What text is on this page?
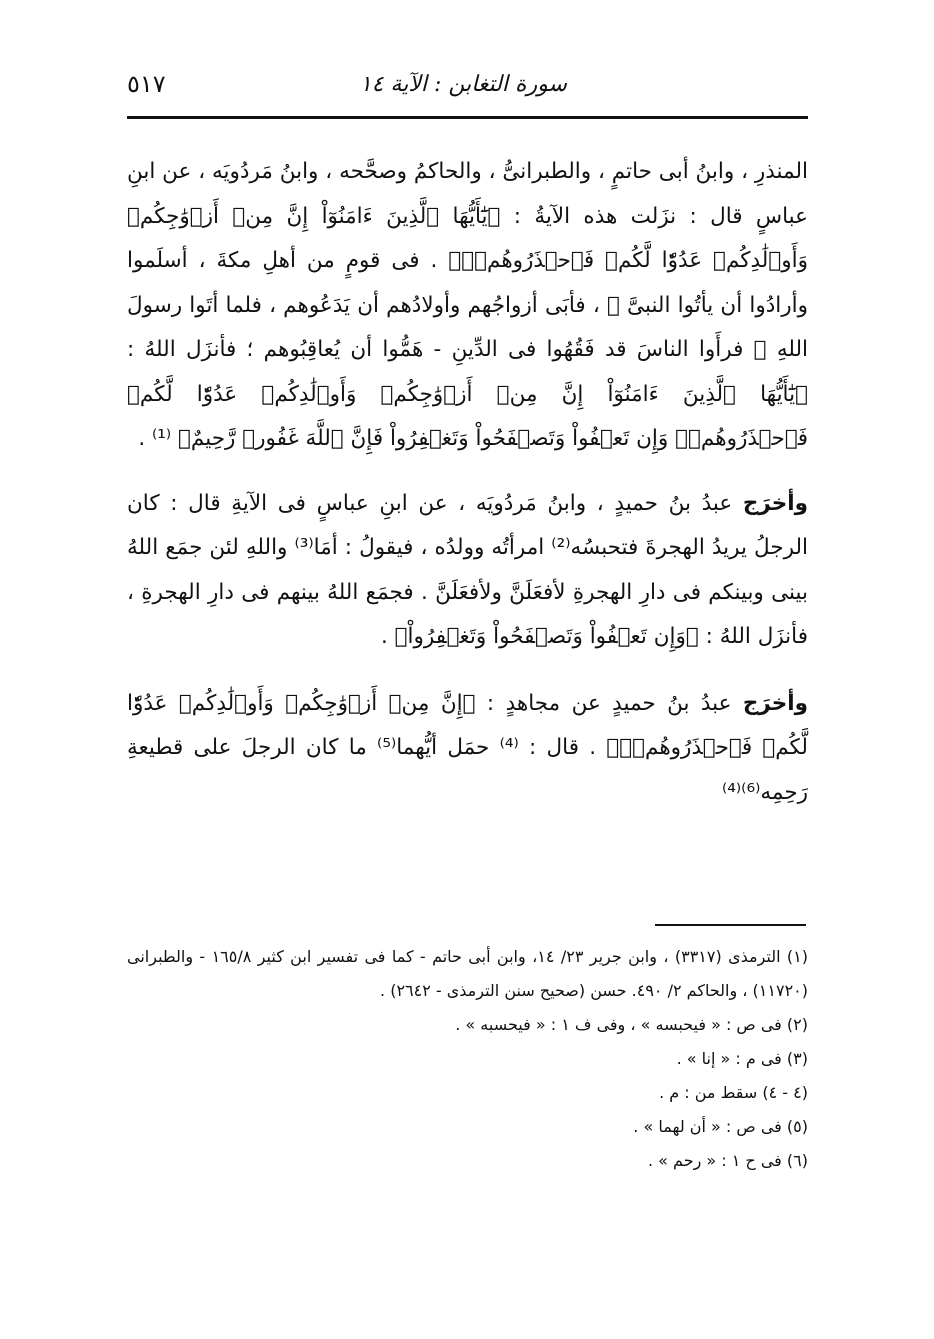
سورة التغابن : الآية ١٤
٥١٧

المنذرِ ، وابنُ أبى حاتمٍ ، والطبرانىُّ ، والحاكمُ وصحَّحه ، وابنُ مَردُويَه ، عن ابنِ عباسٍ قال : نزَلت هذه الآيةُ : ﴿يَٰٓأَيُّهَا ٱلَّذِينَ ءَامَنُوٓاْ إِنَّ مِنۡ أَزۡوَٰجِكُمۡ وَأَوۡلَٰدِكُمۡ عَدُوّٗا لَّكُمۡ فَٱحۡذَرُوهُمۡۚ﴾ . فى قومٍ من أهلِ مكةَ ، أسلَموا وأرادُوا أن يأتُوا النبىَّ ﷺ ، فأبَى أزواجُهم وأولادُهم أن يَدَعُوهم ، فلما أتَوا رسولَ اللهِ ﷺ فرأَوا الناسَ قد فَقُهُوا فى الدِّينِ - هَمُّوا أن يُعاقِبُوهم ؛ فأنزَل اللهُ : ﴿يَٰٓأَيُّهَا ٱلَّذِينَ ءَامَنُوٓاْ إِنَّ مِنۡ أَزۡوَٰجِكُمۡ وَأَوۡلَٰدِكُمۡ عَدُوّٗا لَّكُمۡ فَٱحۡذَرُوهُمۡۚ وَإِن تَعۡفُواْ وَتَصۡفَحُواْ وَتَغۡفِرُواْ فَإِنَّ ٱللَّهَ غَفُورٞ رَّحِيمٌ﴾ ⁽¹⁾ .

وأخرَج عبدُ بنُ حميدٍ ، وابنُ مَردُويَه ، عن ابنِ عباسٍ فى الآيةِ قال : كان الرجلُ يريدُ الهجرةَ فتحبسُه⁽²⁾ امرأتُه وولدُه ، فيقولُ : أمَا⁽³⁾ واللهِ لئن جمَع اللهُ بينى وبينكم فى دارِ الهجرةِ لأفعَلَنَّ ولأفعَلَنَّ . فجمَع اللهُ بينهم فى دارِ الهجرةِ ، فأنزَل اللهُ : ﴿وَإِن تَعۡفُواْ وَتَصۡفَحُواْ وَتَغۡفِرُواْ﴾ .

وأخرَج عبدُ بنُ حميدٍ عن مجاهدٍ : ﴿إِنَّ مِنۡ أَزۡوَٰجِكُمۡ وَأَوۡلَٰدِكُمۡ عَدُوّٗا لَّكُمۡ فَٱحۡذَرُوهُمۡۚ﴾ . قال : ⁽⁴⁾ حمَل أيُّهما⁽⁵⁾ ما كان الرجلَ على قطيعةِ رَحِمِه⁽⁶⁾⁽⁴⁾

(١) الترمذى (٣٣١٧) ، وابن جرير ٢٣/ ١٤، وابن أبى حاتم - كما فى تفسير ابن كثير ١٦٥/٨ - والطبرانى (١١٧٢٠) ، والحاكم ٢/ ٤٩٠. حسن (صحيح سنن الترمذى - ٢٦٤٢) .

(٢) فى ص : « فيحبسه » ، وفى ف ١ : « فيحسبه » .

(٣) فى م : « إنا » .

(٤ - ٤) سقط من : م .

(٥) فى ص : « أن لهما » .

(٦) فى ح ١ : « رحم » .
